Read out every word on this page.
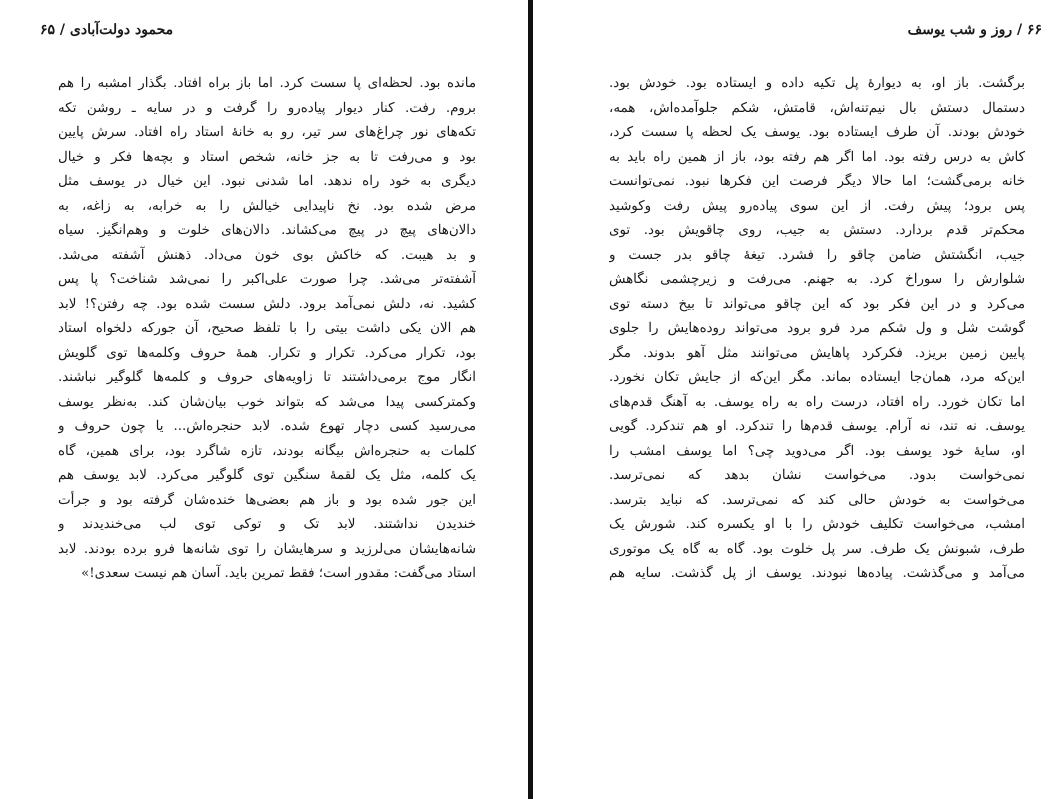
محمود دولت‌آبادی / ۶۵
مانده بود. لحظه‌ای پا سست کرد. اما باز براه افتاد. بگذار امشبه را هم
بروم. رفت. کنار دیوار پیاده‌رو را گرفت و در سایه ـ روشن تکه
تکه‌های نور چراغ‌های سر تیر، رو به خانهٔ استاد راه افتاد. سرش پایین
بود و می‌رفت تا به جز خانه، شخص استاد و بچه‌ها فکر و خیال
دیگری به خود راه ندهد. اما شدنی نبود. این خیال در یوسف مثل
مرض شده بود. نخ ناپیدایی خیالش را به خرابه، به زاغه، به
دالان‌های پیچ در پیچ می‌کشاند. دالان‌های خلوت و وهم‌انگیز. سیاه
و بد هیبت. که خاکش بوی خون می‌داد. ذهنش آشفته می‌شد.
آشفته‌تر می‌شد. چرا صورت علی‌اکبر را نمی‌شد شناخت؟ پا پس
کشید. نه، دلش نمی‌آمد برود. دلش سست شده بود. چه رفتن؟! لابد
هم الان یکی داشت بیتی را با تلفظ صحیح، آن جورکه دلخواه استاد
بود، تکرار می‌کرد. تکرار و تکرار. همهٔ حروف وکلمه‌ها توی گلویش
انگار موج برمی‌داشتند تا زاویه‌های حروف و کلمه‌ها گلوگیر نباشند.
وکمترکسی پیدا می‌شد که بتواند خوب بیان‌شان کند. به‌نظر یوسف
می‌رسید کسی دچار تهوع شده. لابد حنجره‌اش... یا چون حروف و
کلمات به حنجره‌اش بیگانه بودند، تازه شاگرد بود، برای همین، گاه
یک کلمه، مثل یک لقمهٔ سنگین توی گلوگیر می‌کرد. لابد یوسف هم
این جور شده بود و باز هم بعضی‌ها خنده‌شان گرفته بود و جرأت
خندیدن نداشتند. لابد تک و توکی توی لب می‌خندیدند و
شانه‌هایشان می‌لرزید و سرهایشان را توی شانه‌ها فرو برده بودند. لابد
استاد می‌گفت: مقدور است؛ فقط تمرین باید. آسان هم نیست سعدی!»
۶۶ / روز و شب یوسف
برگشت. باز او، به دیوارهٔ پل تکیه داده و ایستاده بود. خودش بود.
دستمال دستش بال نیم‌تنه‌اش، قامتش، شکم جلوآمده‌اش، همه،
خودش بودند. آن طرف ایستاده بود. یوسف یک لحظه پا سست کرد،
کاش به درس رفته بود. اما اگر هم رفته بود، باز از همین راه باید به
خانه برمی‌گشت؛ اما حالا دیگر فرصت این فکرها نبود. نمی‌توانست
پس برود؛ پیش رفت. از این سوی پیاده‌رو پیش رفت وکوشید
محکم‌تر قدم بردارد. دستش به جیب، روی چاقویش بود. توی
جیب، انگشتش ضامن چاقو را فشرد. تیغهٔ چاقو بدر جست و
شلوارش را سوراخ کرد. به جهنم. می‌رفت و زیرچشمی نگاهش
می‌کرد و در این فکر بود که این چاقو می‌تواند تا بیخ دسته توی
گوشت شل و ول شکم مرد فرو برود می‌تواند روده‌هایش را جلوی
پایین زمین بریزد. فکرکرد پاهایش می‌توانند مثل آهو بدوند. مگر
این‌که مرد، همان‌جا ایستاده بماند. مگر این‌که از جایش تکان نخورد.
اما تکان خورد. راه افتاد، درست راه به راه یوسف. به آهنگ قدم‌های
یوسف. نه تند، نه آرام. یوسف قدم‌ها را تندکرد. او هم تندکرد. گویی
او، سایهٔ خود یوسف بود. اگر می‌دوید چی؟ اما یوسف امشب را
نمی‌خواست بدود. می‌خواست نشان بدهد که نمی‌ترسد.
می‌خواست به خودش حالی کند که نمی‌ترسد. که نباید بترسد.
امشب، می‌خواست تکلیف خودش را با او یکسره کند. شورش یک
طرف، شبونش یک طرف. سر پل خلوت بود. گاه به گاه یک موتوری
می‌آمد و می‌گذشت. پیاده‌ها نبودند. یوسف از پل گذشت. سایه هم
